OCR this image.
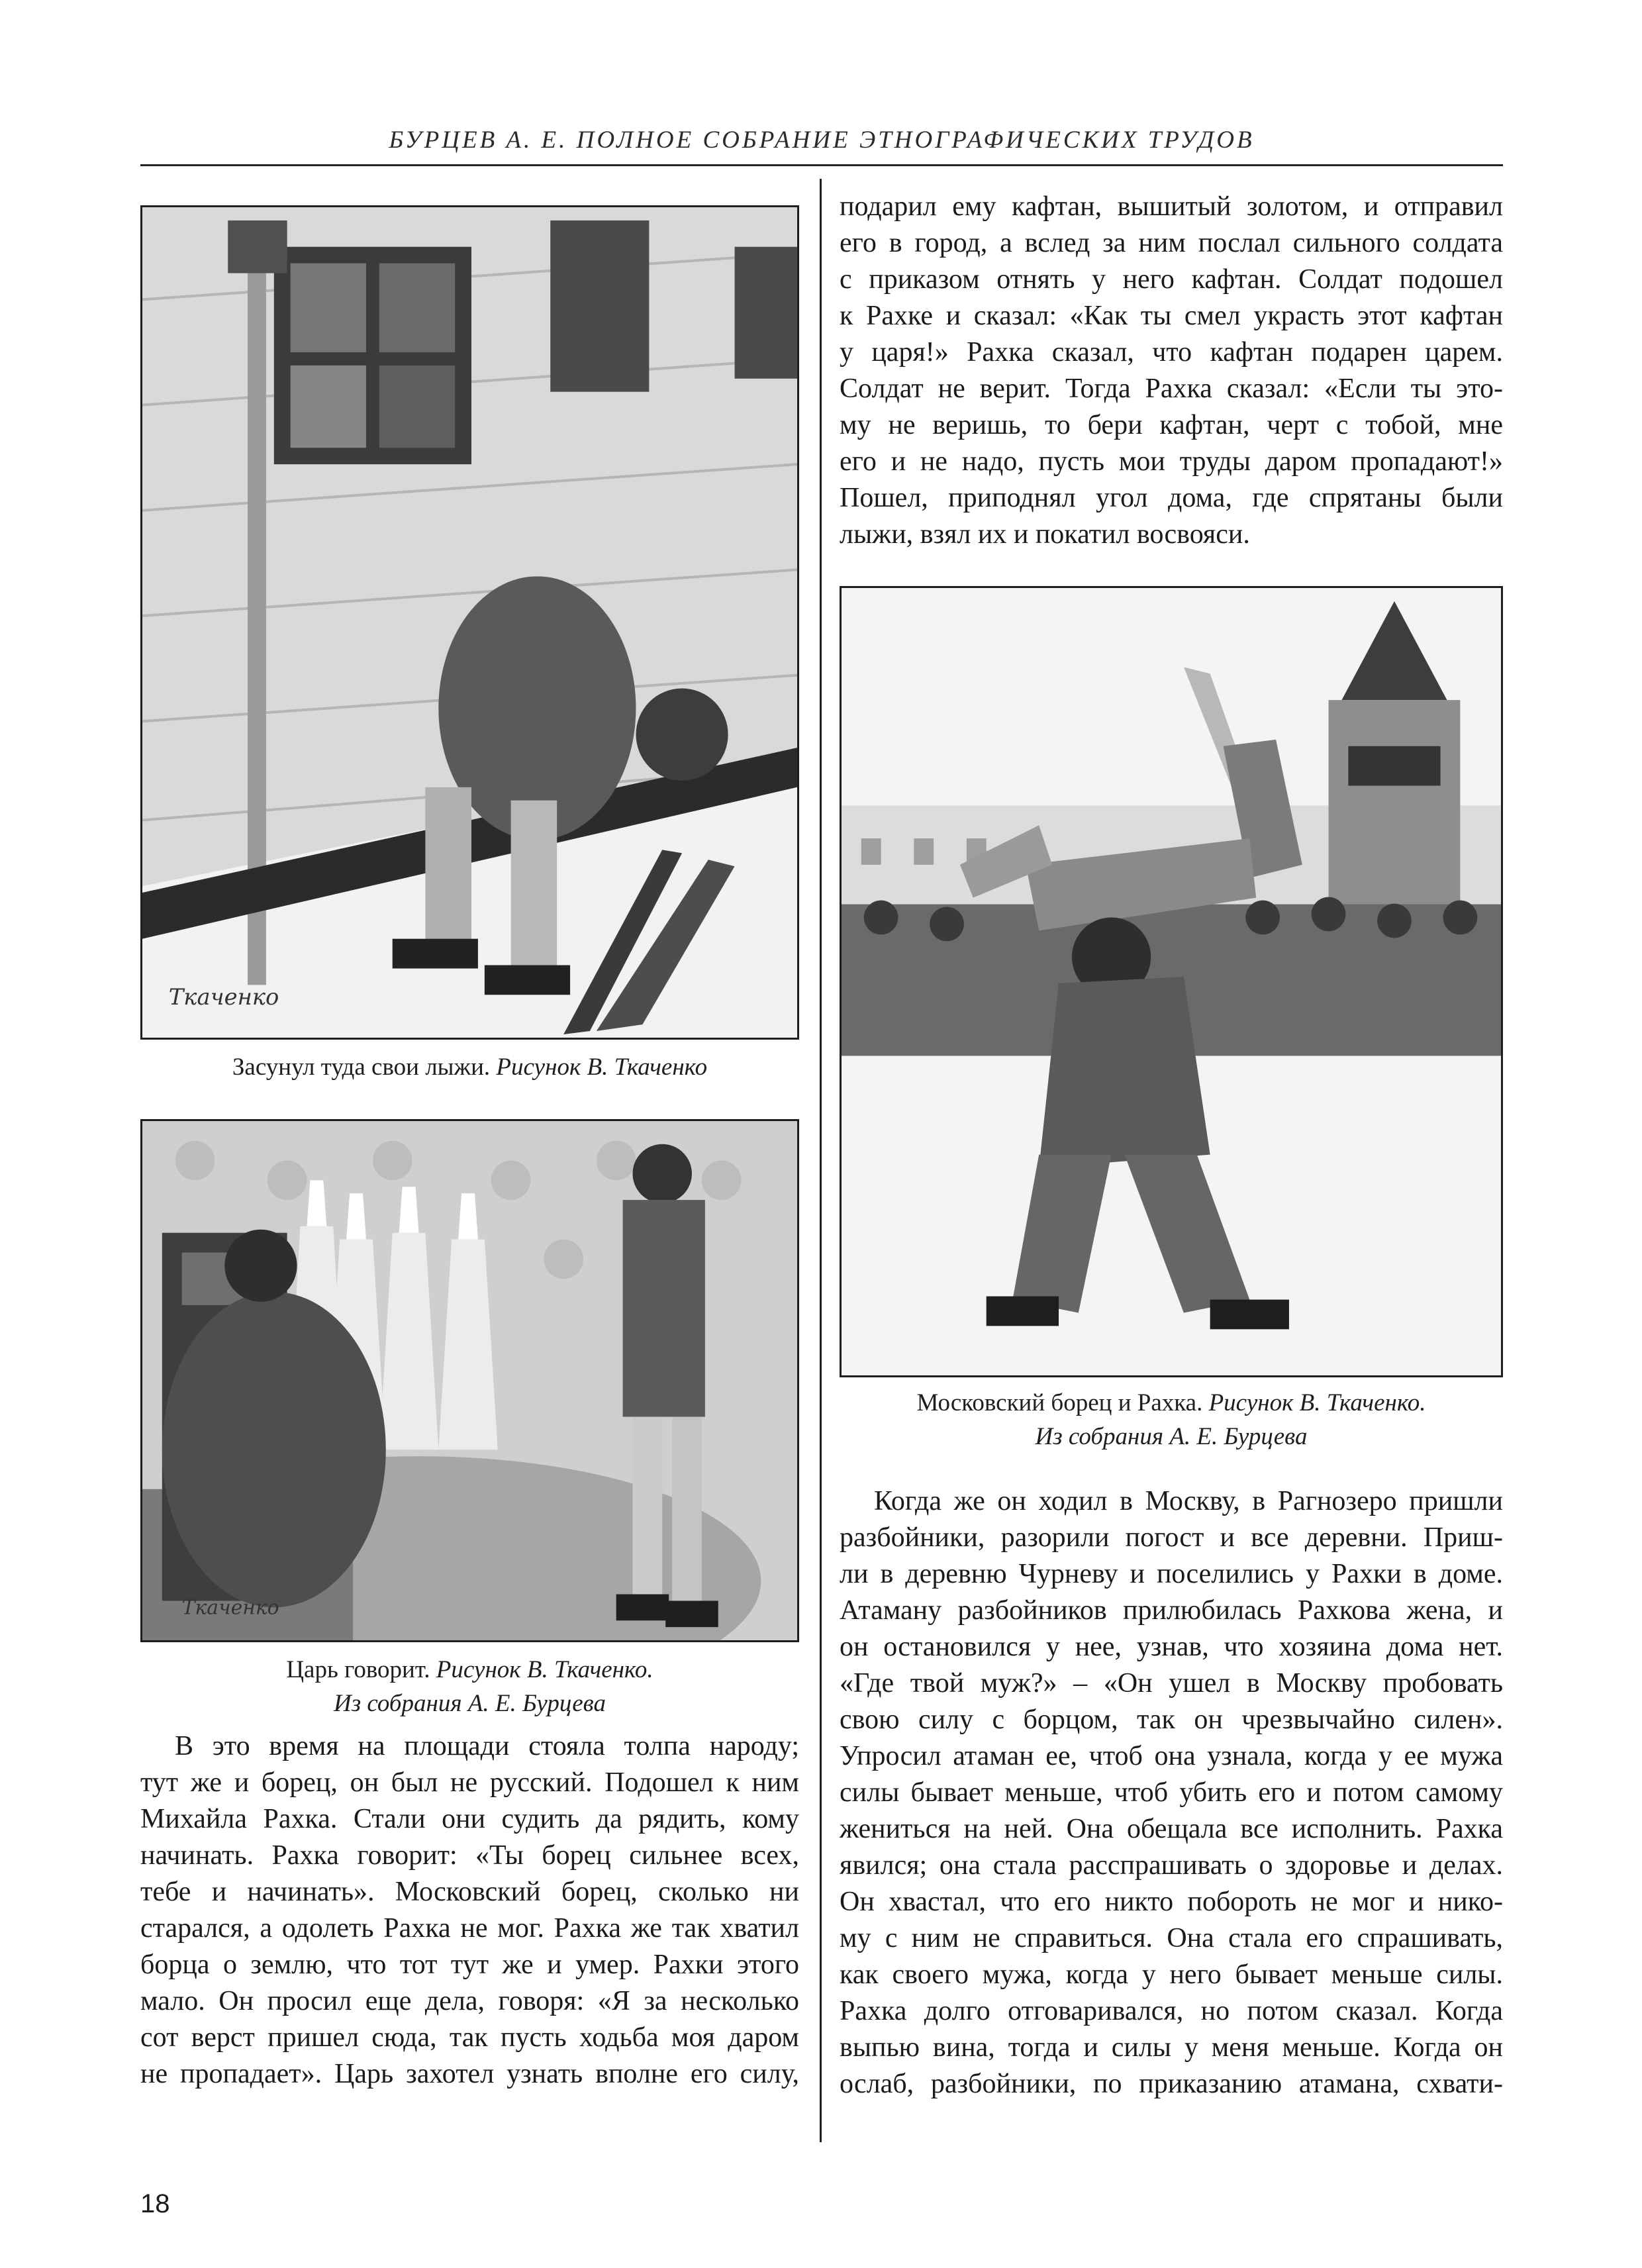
БУРЦЕВ А. Е. ПОЛНОЕ СОБРАНИЕ ЭТНОГРАФИЧЕСКИХ ТРУДОВ
Ткаченко
Засунул туда свои лыжи. Рисунок В. Ткаченко
Ткаченко
Царь говорит. Рисунок В. Ткаченко.
Из собрания А. Е. Бурцева
Московский борец и Рахка. Рисунок В. Ткаченко.
Из собрания А. Е. Бурцева
В это время на площади стояла толпа народу;
тут же и борец, он был не русский. Подошел к ним
Михайла Рахка. Стали они судить да рядить, кому
начинать. Рахка говорит: «Ты борец сильнее всех,
тебе и начинать». Московский борец, сколько ни
старался, а одолеть Рахка не мог. Рахка же так хватил
борца о землю, что тот тут же и умер. Рахки этого
мало. Он просил еще дела, говоря: «Я за несколько
сот верст пришел сюда, так пусть ходьба моя даром
не пропадает». Царь захотел узнать вполне его силу,
подарил ему кафтан, вышитый золотом, и отправил
его в город, а вслед за ним послал сильного солдата
с приказом отнять у него кафтан. Солдат подошел
к Рахке и сказал: «Как ты смел украсть этот кафтан
у царя!» Рахка сказал, что кафтан подарен царем.
Солдат не верит. Тогда Рахка сказал: «Если ты это-
му не веришь, то бери кафтан, черт с тобой, мне
его и не надо, пусть мои труды даром пропадают!»
Пошел, приподнял угол дома, где спрятаны были
лыжи, взял их и покатил восвояси.
Когда же он ходил в Москву, в Рагнозеро пришли
разбойники, разорили погост и все деревни. Приш-
ли в деревню Чурневу и поселились у Рахки в доме.
Атаману разбойников прилюбилась Рахкова жена, и
он остановился у нее, узнав, что хозяина дома нет.
«Где твой муж?» – «Он ушел в Москву пробовать
свою силу с борцом, так он чрезвычайно силен».
Упросил атаман ее, чтоб она узнала, когда у ее мужа
силы бывает меньше, чтоб убить его и потом самому
жениться на ней. Она обещала все исполнить. Рахка
явился; она стала расспрашивать о здоровье и делах.
Он хвастал, что его никто побороть не мог и нико-
му с ним не справиться. Она стала его спрашивать,
как своего мужа, когда у него бывает меньше силы.
Рахка долго отговаривался, но потом сказал. Когда
выпью вина, тогда и силы у меня меньше. Когда он
ослаб, разбойники, по приказанию атамана, схвати-
18
